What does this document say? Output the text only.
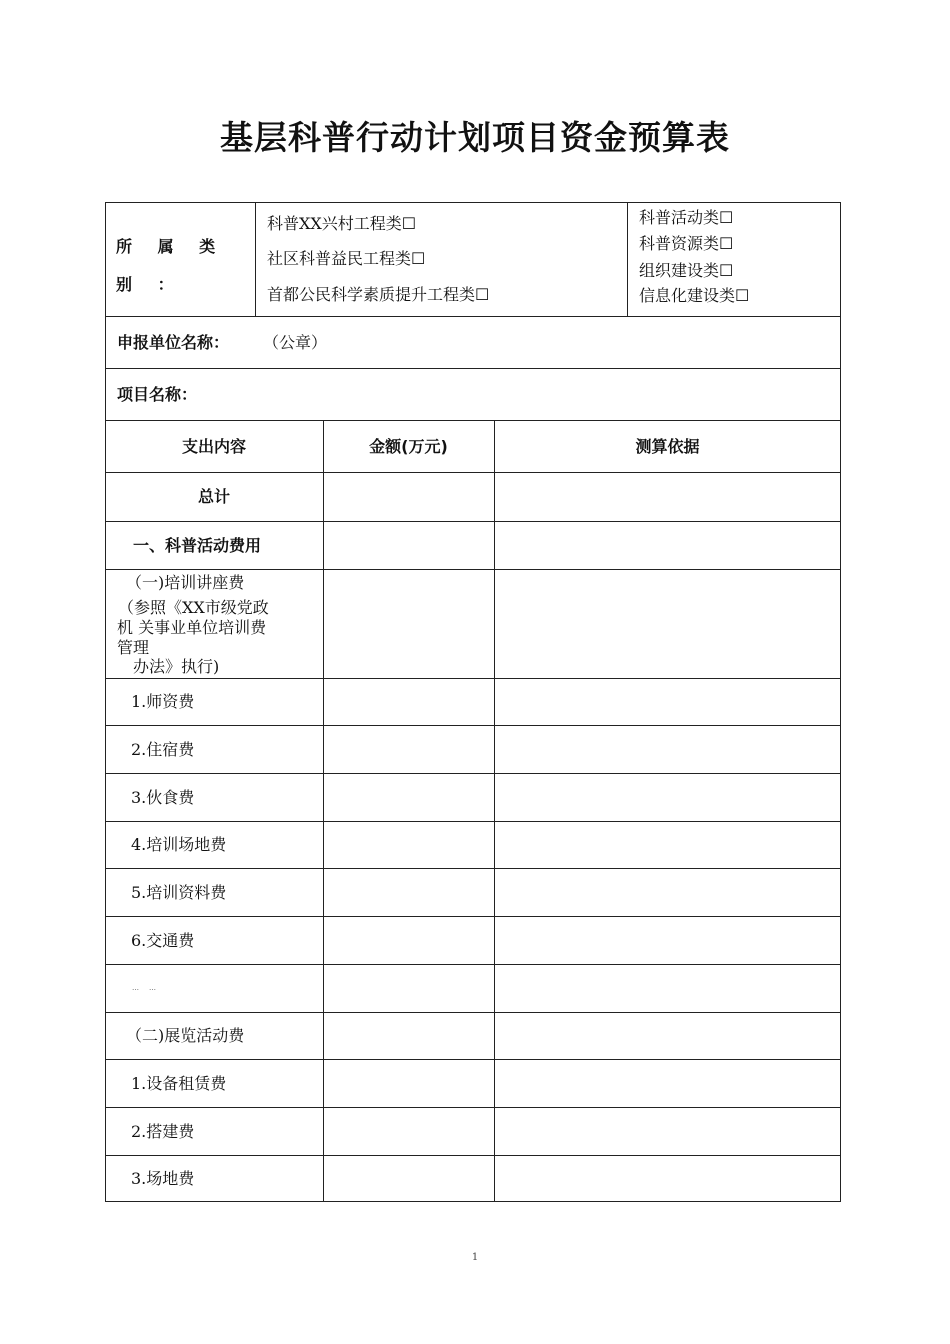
基层科普行动计划项目资金预算表
所 属 类 别 ：
科普XX兴村工程类☐
社区科普益民工程类☐
首都公民科学素质提升工程类☐
科普活动类☐
科普资源类☐
组织建设类☐
信息化建设类☐
申报单位名称： （公章）
项目名称：
支出内容	金额(万元)	测算依据
总计
一、科普活动费用
（一)培训讲座费
（参照《XX市级党政
机 关事业单位培训费
管理
办法》执行)
1.师资费
2.住宿费
3.伙食费
4.培训场地费
5.培训资料费
6.交通费
……
（二)展览活动费
1.设备租赁费
2.搭建费
3.场地费
1
